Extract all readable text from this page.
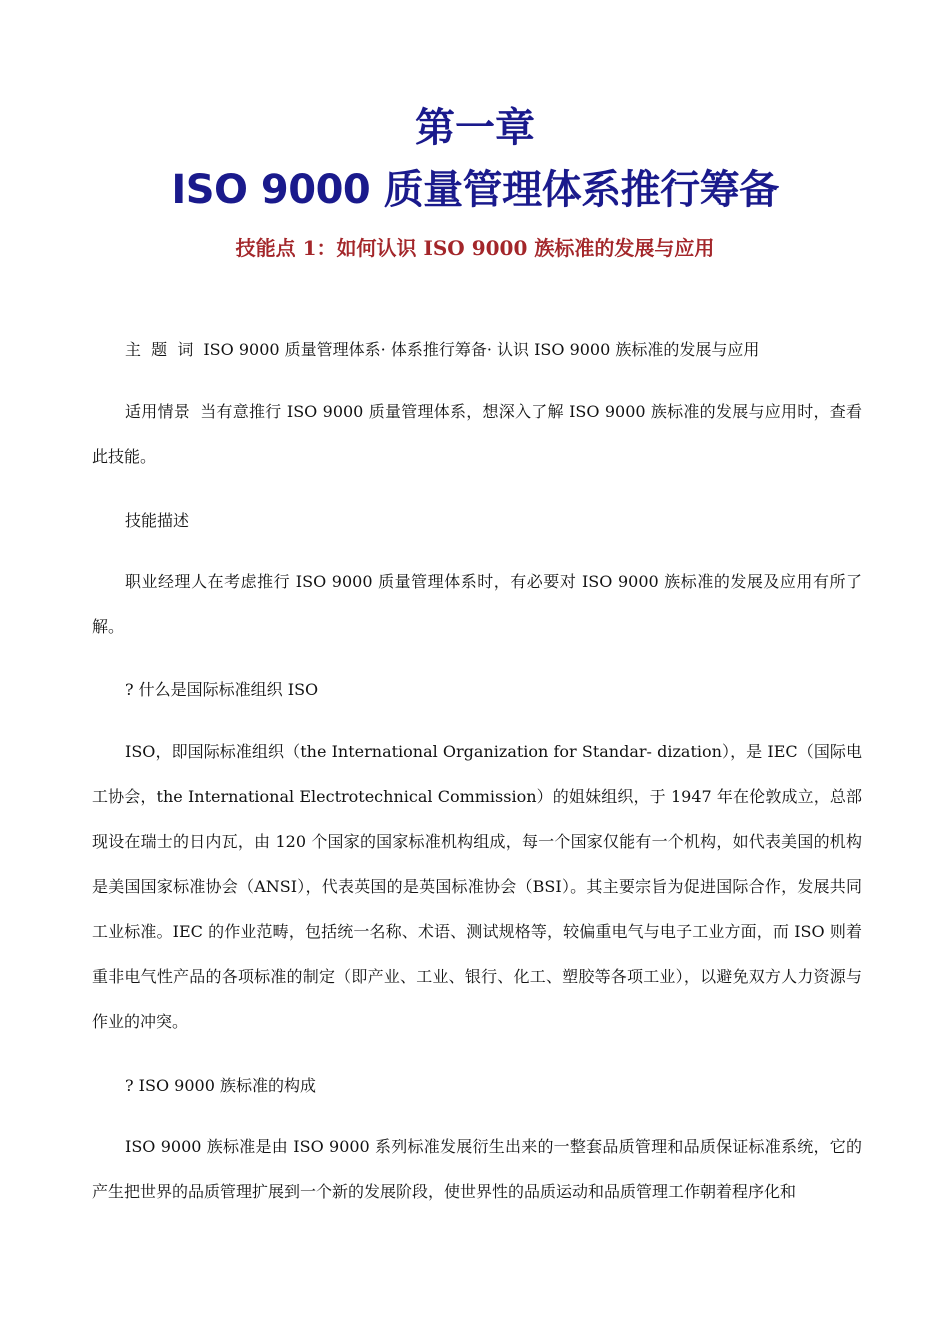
第一章
ISO 9000 质量管理体系推行筹备
技能点 1：如何认识 ISO 9000 族标准的发展与应用

主  题  词 ISO 9000 质量管理体系· 体系推行筹备· 认识 ISO 9000 族标准的发展与应用

适用情景 当有意推行 ISO 9000 质量管理体系，想深入了解 ISO 9000 族标准的发展与应用时，查看此技能。

技能描述

职业经理人在考虑推行 ISO 9000 质量管理体系时，有必要对 ISO 9000 族标准的发展及应用有所了解。

? 什么是国际标准组织 ISO

ISO，即国际标准组织（the International Organization for Standar- dization），是 IEC（国际电工协会，the International Electrotechnical Commission）的姐妹组织，于 1947 年在伦敦成立，总部现设在瑞士的日内瓦，由 120 个国家的国家标准机构组成，每一个国家仅能有一个机构，如代表美国的机构是美国国家标准协会（ANSI），代表英国的是英国标准协会（BSI）。其主要宗旨为促进国际合作，发展共同工业标准。IEC 的作业范畴，包括统一名称、术语、测试规格等，较偏重电气与电子工业方面，而 ISO 则着重非电气性产品的各项标准的制定（即产业、工业、银行、化工、塑胶等各项工业），以避免双方人力资源与作业的冲突。

? ISO 9000 族标准的构成

ISO 9000 族标准是由 ISO 9000 系列标准发展衍生出来的一整套品质管理和品质保证标准系统，它的产生把世界的品质管理扩展到一个新的发展阶段，使世界性的品质运动和品质管理工作朝着程序化和
